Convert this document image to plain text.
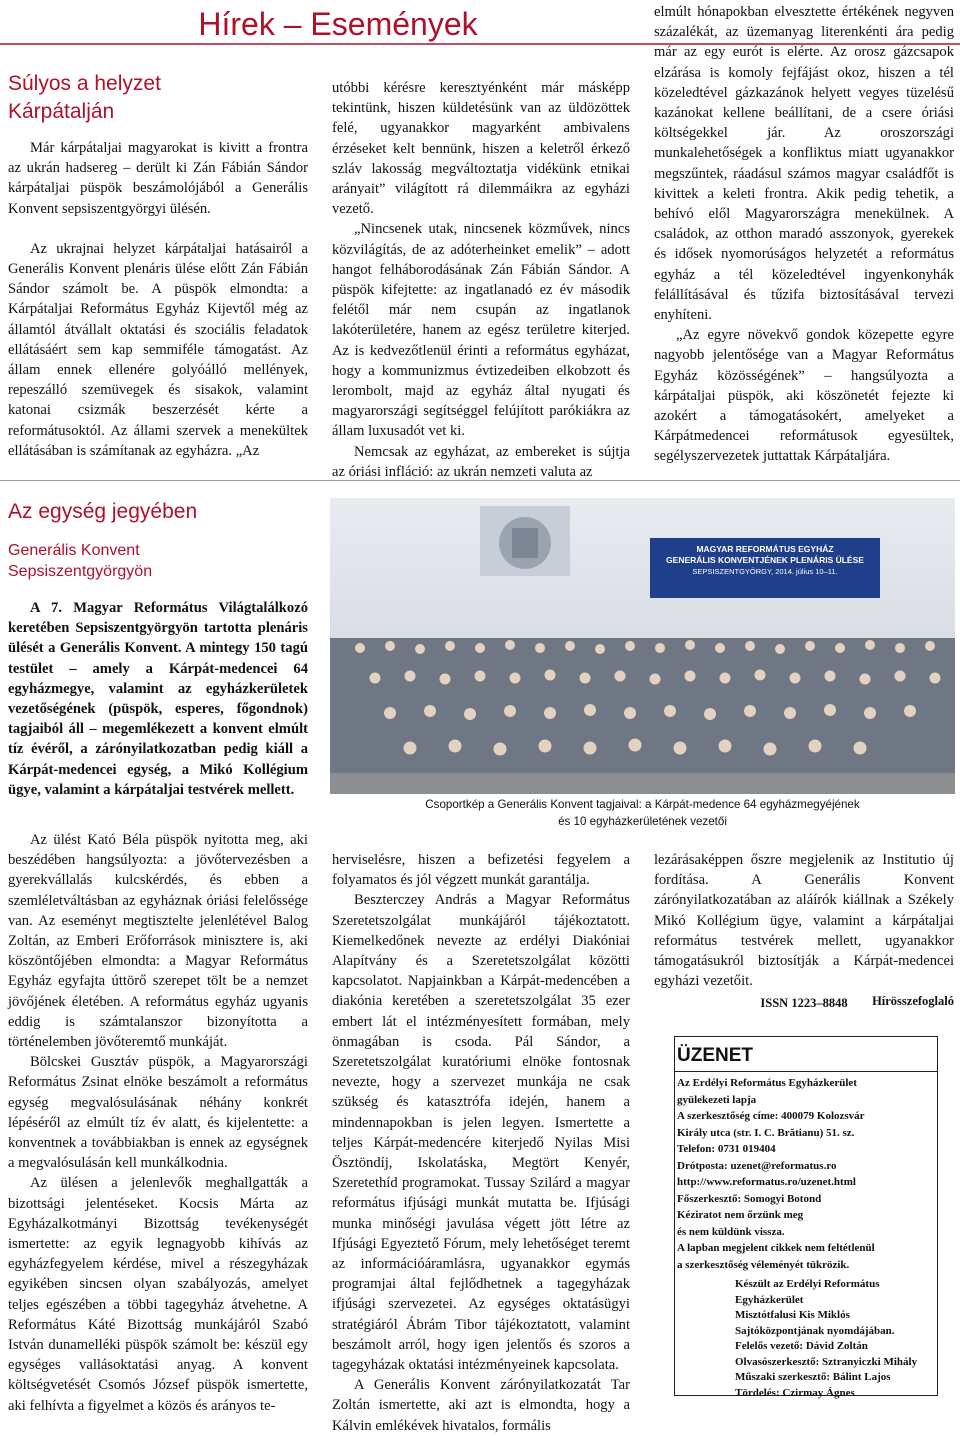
Hírek – Események
Súlyos a helyzet
Kárpátalján

Már kárpátaljai magyarokat is kivitt a frontra az ukrán hadsereg – derült ki Zán Fábián Sándor kárpátaljai püspök beszámolójából a Generális Konvent sepsiszentgyörgyi ülésén.

Az ukrajnai helyzet kárpátaljai hatásairól a Generális Konvent plenáris ülése előtt Zán Fábián Sándor számolt be. A püspök elmondta: a Kárpátaljai Református Egyház Kijevtől még az államtól átvállalt oktatási és szociális feladatok ellátásáért sem kap semmiféle támogatást. Az állam ennek ellenére golyóálló mellények, repeszálló szemüvegek és sisakok, valamint katonai csizmák beszerzését kérte a reformátusoktól. Az állami szervek a menekültek ellátásában is számítanak az egyházra. „Az

utóbbi kérésre keresztyénként már másképp tekintünk, hiszen küldetésünk van az üldözöttek felé, ugyanakkor magyarként ambivalens érzéseket kelt bennünk, hiszen a keletről érkező szláv lakosság megváltoztatja vidékünk etnikai arányait” világított rá dilemmáikra az egyházi vezető.

„Nincsenek utak, nincsenek közművek, nincs közvilágítás, de az adóterheinket emelik” – adott hangot felháborodásának Zán Fábián Sándor. A püspök kifejtette: az ingatlanadó ez év második felétől már nem csupán az ingatlanok lakóterületére, hanem az egész területre kiterjed. Az is kedvezőtlenül érinti a református egyházat, hogy a kommunizmus évtizedeiben elkobzott és lerombolt, majd az egyház által nyugati és magyarországi segítséggel felújított parókiákra az állam luxusadót vet ki.

Nemcsak az egyházat, az embereket is sújtja az óriási infláció: az ukrán nemzeti valuta az

elmúlt hónapokban elvesztette értékének negyven százalékát, az üzemanyag literenkénti ára pedig már az egy eurót is elérte. Az orosz gázcsapok elzárása is komoly fejfájást okoz, hiszen a tél közeledtével gázkazánok helyett vegyes tüzelésű kazánokat kellene beállítani, de a csere óriási költségekkel jár. Az oroszországi munkalehetőségek a konfliktus miatt ugyanakkor megszűntek, ráadásul számos magyar családfőt is kivittek a keleti frontra. Akik pedig tehetik, a behívó elől Magyarországra menekülnek. A családok, az otthon maradó asszonyok, gyerekek és idősek nyomorúságos helyzetét a református egyház a tél közeledtével ingyenkonyhák felállításával és tűzifa biztosításával tervezi enyhíteni.

„Az egyre növekvő gondok közepette egyre nagyobb jelentősége van a Magyar Református Egyház közösségének” – hangsúlyozta a kárpátaljai püspök, aki köszönetét fejezte ki azokért a támogatásokért, amelyeket a Kárpátmedencei reformátusok egyesültek, segélyszervezetek juttattak Kárpátaljára.

Az egység jegyében
Generális Konvent
Sepsiszentgyörgyön

A 7. Magyar Református Világtalálkozó keretében Sepsiszentgyörgyön tartotta plenáris ülését a Generális Konvent. A mintegy 150 tagú testület – amely a Kárpát-medencei 64 egyházmegye, valamint az egyházkerületek vezetőségének (püspök, esperes, főgondnok) tagjaiból áll – megemlékezett a konvent elmúlt tíz évéről, a zárónyilatkozatban pedig kiáll a Kárpát-medencei egység, a Mikó Kollégium ügye, valamint a kárpátaljai testvérek mellett.

Az ülést Kató Béla püspök nyitotta meg, aki beszédében hangsúlyozta: a jövőtervezésben a gyerekvállalás kulcskérdés, és ebben a szemléletváltásban az egyháznak óriási felelőssége van. Az eseményt megtisztelte jelenlétével Balog Zoltán, az Emberi Erőforrások minisztere is, aki köszöntőjében elmondta: a Magyar Református Egyház egyfajta úttörő szerepet tölt be a nemzet jövőjének életében. A református egyház ugyanis eddig is számtalanszor bizonyította a történelemben jövőteremtő munkáját.

Bölcskei Gusztáv püspök, a Magyarországi Református Zsinat elnöke beszámolt a református egység megvalósulásának néhány konkrét lépéséről az elmúlt tíz év alatt, és kijelentette: a konventnek a továbbiakban is ennek az egységnek a megvalósulásán kell munkálkodnia.

Az ülésen a jelenlevők meghallgatták a bizottsági jelentéseket. Kocsis Márta az Egyházalkotmányi Bizottság tevékenységét ismertette: az egyik legnagyobb kihívás az egyházfegyelem kérdése, mivel a részegyházak egyikében sincsen olyan szabályozás, amelyet teljes egészében a többi tagegyház átvehetne. A Református Káté Bizottság munkájáról Szabó István dunamelléki püspök számolt be: készül egy egységes vallásoktatási anyag. A konvent költségvetését Csomós József püspök ismertette, aki felhívta a figyelmet a közös és arányos te-

MAGYAR REFORMÁTUS EGYHÁZ
GENERÁLIS KONVENTJÉNEK PLENÁRIS ÜLÉSE
SEPSISZENTGYÖRGY, 2014. július 10–11.
Csoportkép a Generális Konvent tagjaival: a Kárpát-medence 64 egyházmegyéjének
és 10 egyházkerületének vezetői

herviselésre, hiszen a befizetési fegyelem a folyamatos és jól végzett munkát garantálja.

Beszterczey András a Magyar Református Szeretetszolgálat munkájáról tájékoztatott. Kiemelkedőnek nevezte az erdélyi Diakóniai Alapítvány és a Szeretetszolgálat közötti kapcsolatot. Napjainkban a Kárpát-medencében a diakónia keretében a szeretetszolgálat 35 ezer embert lát el intézményesített formában, mely önmagában is csoda. Pál Sándor, a Szeretetszolgálat kuratóriumi elnöke fontosnak nevezte, hogy a szervezet munkája ne csak szükség és katasztrófa idején, hanem a mindennapokban is jelen legyen. Ismertette a teljes Kárpát-medencére kiterjedő Nyilas Misi Ösztöndíj, Iskolatáska, Megtört Kenyér, Szeretethíd programokat. Tussay Szilárd a magyar református ifjúsági munkát mutatta be. Ifjúsági munka minőségi javulása végett jött létre az Ifjúsági Egyeztető Fórum, mely lehetőséget teremt az információáramlásra, ugyanakkor egymás programjai által fejlődhetnek a tagegyházak ifjúsági szervezetei. Az egységes oktatásügyi stratégiáról Ábrám Tibor tájékoztatott, valamint beszámolt arról, hogy igen jelentős és szoros a tagegyházak oktatási intézményeinek kapcsolata.

A Generális Konvent zárónyilatkozatát Tar Zoltán ismertette, aki azt is elmondta, hogy a Kálvin emlékévek hivatalos, formális

lezárásaképpen őszre megjelenik az Institutio új fordítása. A Generális Konvent zárónyilatkozatában az aláírók kiállnak a Székely Mikó Kollégium ügye, valamint a kárpátaljai református testvérek mellett, ugyanakkor támogatásukról biztosítják a Kárpát-medencei egyházi vezetőit.

Hírösszefoglaló
ISSN 1223–8848
ÜZENET
Az Erdélyi Református Egyházkerület
gyülekezeti lapja
A szerkesztőség címe: 400079 Kolozsvár
Király utca (str. I. C. Brătianu) 51. sz.
Telefon: 0731 019404
Drótposta: uzenet@reformatus.ro
http://www.reformatus.ro/uzenet.html
Főszerkesztő: Somogyi Botond
Kéziratot nem őrzünk meg
és nem küldünk vissza.
A lapban megjelent cikkek nem feltétlenül
a szerkesztőség véleményét tükrözik.
Készült az Erdélyi Református
Egyházkerület
Misztótfalusi Kis Miklós
Sajtóközpontjának nyomdájában.
Felelős vezető: Dávid Zoltán
Olvasószerkesztő: Sztranyiczki Mihály
Műszaki szerkesztő: Bálint Lajos
Tördelés: Czirmay Ágnes
